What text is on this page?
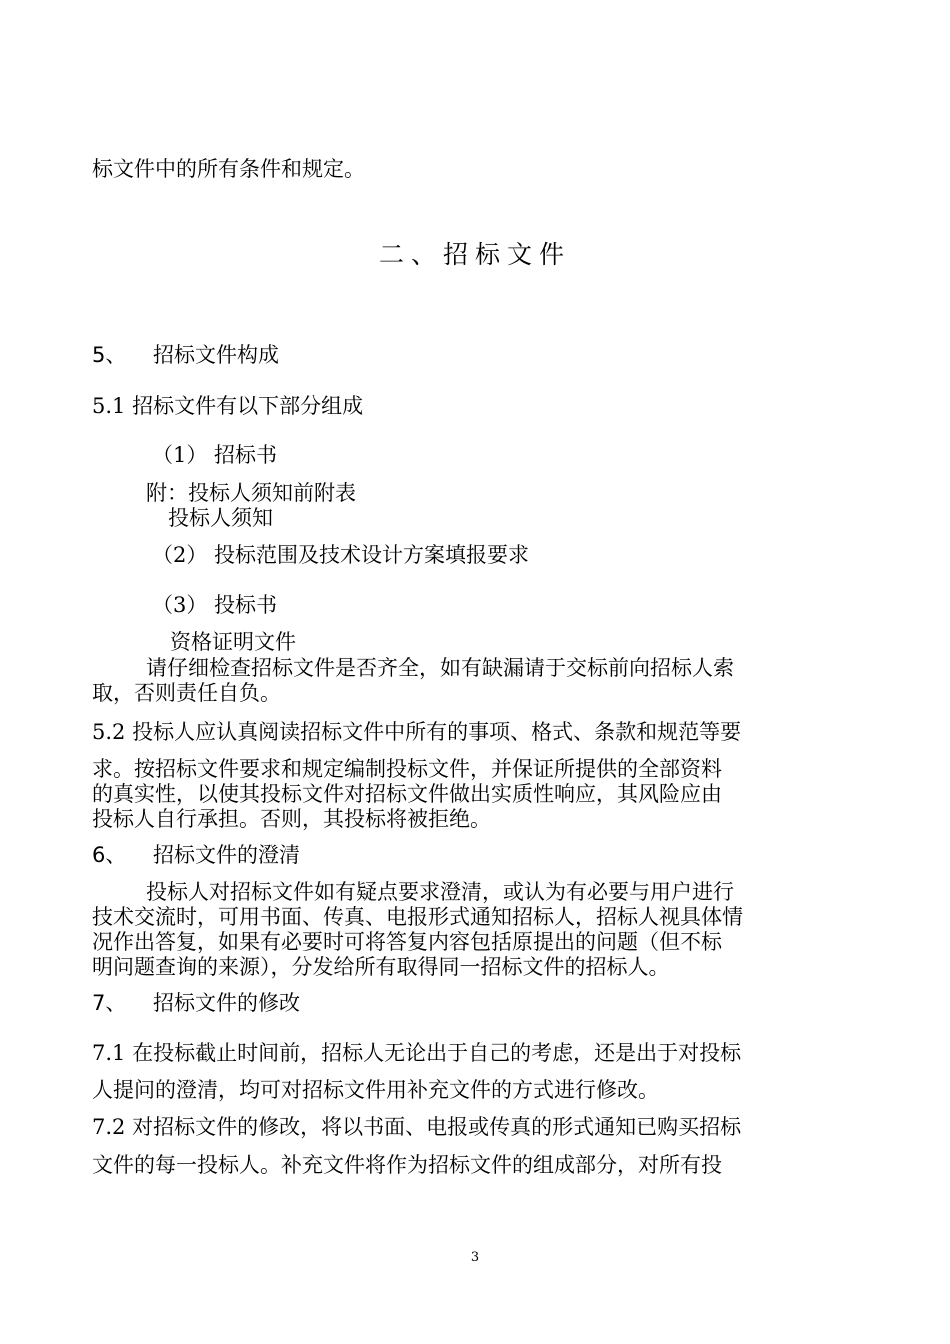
标文件中的所有条件和规定。
二、招标文件
5、    招标文件构成
5.1 招标文件有以下部分组成
（1） 招标书
附：投标人须知前附表
投标人须知
（2） 投标范围及技术设计方案填报要求
（3） 投标书
资格证明文件
请仔细检查招标文件是否齐全，如有缺漏请于交标前向招标人索
取，否则责任自负。
5.2 投标人应认真阅读招标文件中所有的事项、格式、条款和规范等要
求。按招标文件要求和规定编制投标文件，并保证所提供的全部资料
的真实性，以使其投标文件对招标文件做出实质性响应，其风险应由
投标人自行承担。否则，其投标将被拒绝。
6、    招标文件的澄清
投标人对招标文件如有疑点要求澄清，或认为有必要与用户进行
技术交流时，可用书面、传真、电报形式通知招标人，招标人视具体情
况作出答复，如果有必要时可将答复内容包括原提出的问题（但不标
明问题查询的来源），分发给所有取得同一招标文件的招标人。
7、    招标文件的修改
7.1 在投标截止时间前，招标人无论出于自己的考虑，还是出于对投标
人提问的澄清，均可对招标文件用补充文件的方式进行修改。
7.2 对招标文件的修改，将以书面、电报或传真的形式通知已购买招标
文件的每一投标人。补充文件将作为招标文件的组成部分，对所有投
3
